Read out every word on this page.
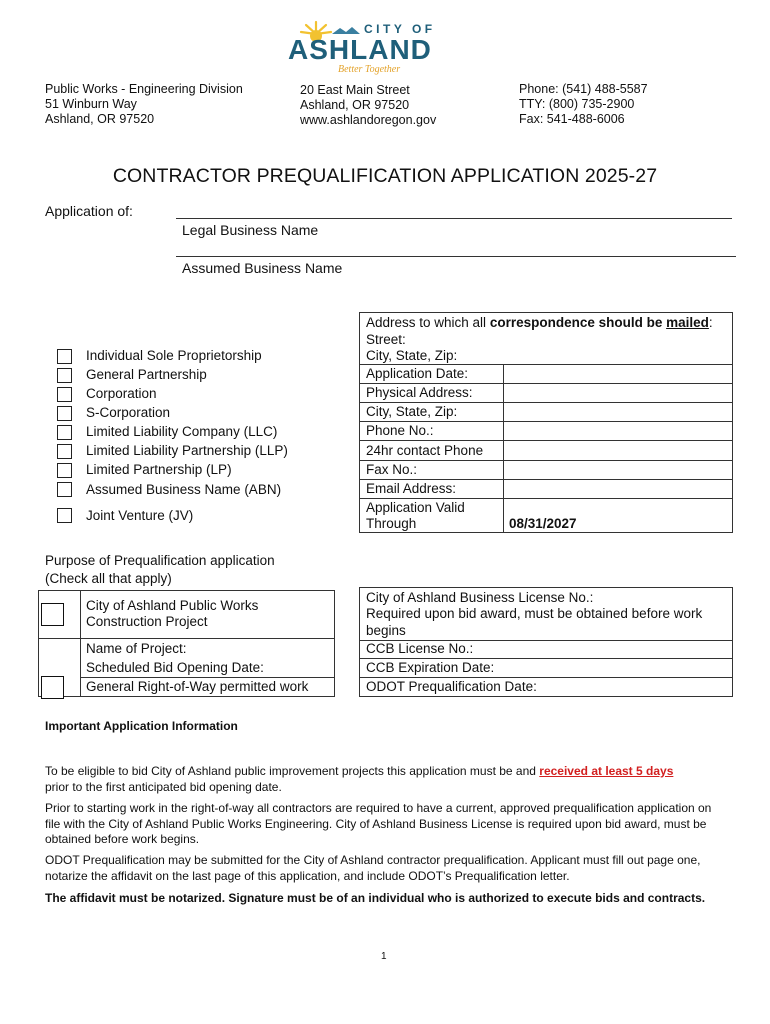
CITY OF
ASHLAND
Better Together
Public Works - Engineering Division
51 Winburn Way
Ashland, OR 97520
20 East Main Street
Ashland, OR 97520
www.ashlandoregon.gov
Phone: (541) 488-5587
TTY: (800) 735-2900
Fax: 541-488-6006
CONTRACTOR PREQUALIFICATION APPLICATION 2025-27
Application of:
Legal Business Name
Assumed Business Name
Individual Sole Proprietorship
General Partnership
Corporation
S-Corporation
Limited Liability Company (LLC)
Limited Liability Partnership (LLP)
Limited Partnership (LP)
Assumed Business Name (ABN)
Joint Venture (JV)
Address to which all correspondence should be mailed:
Street:
City, State, Zip:
Application Date:
Physical Address:
City, State, Zip:
Phone No.:
24hr contact Phone
Fax No.:
Email Address:
Application Valid
Through	08/31/2027
Purpose of Prequalification application
(Check all that apply)
City of Ashland Public Works
Construction Project
Name of Project:
Scheduled Bid Opening Date:
General Right-of-Way permitted work
City of Ashland Business License No.:
Required upon bid award, must be obtained before work
begins
CCB License No.:
CCB Expiration Date:
ODOT Prequalification Date:
Important Application Information
To be eligible to bid City of Ashland public improvement projects this application must be and received at least 5 days
prior to the first anticipated bid opening date.
Prior to starting work in the right-of-way all contractors are required to have a current, approved prequalification application on file with the City of Ashland Public Works Engineering. City of Ashland Business License is required upon bid award, must be obtained before work begins.
ODOT Prequalification may be submitted for the City of Ashland contractor prequalification. Applicant must fill out page one, notarize the affidavit on the last page of this application, and include ODOT’s Prequalification letter.
The affidavit must be notarized. Signature must be of an individual who is authorized to execute bids and contracts.
1
